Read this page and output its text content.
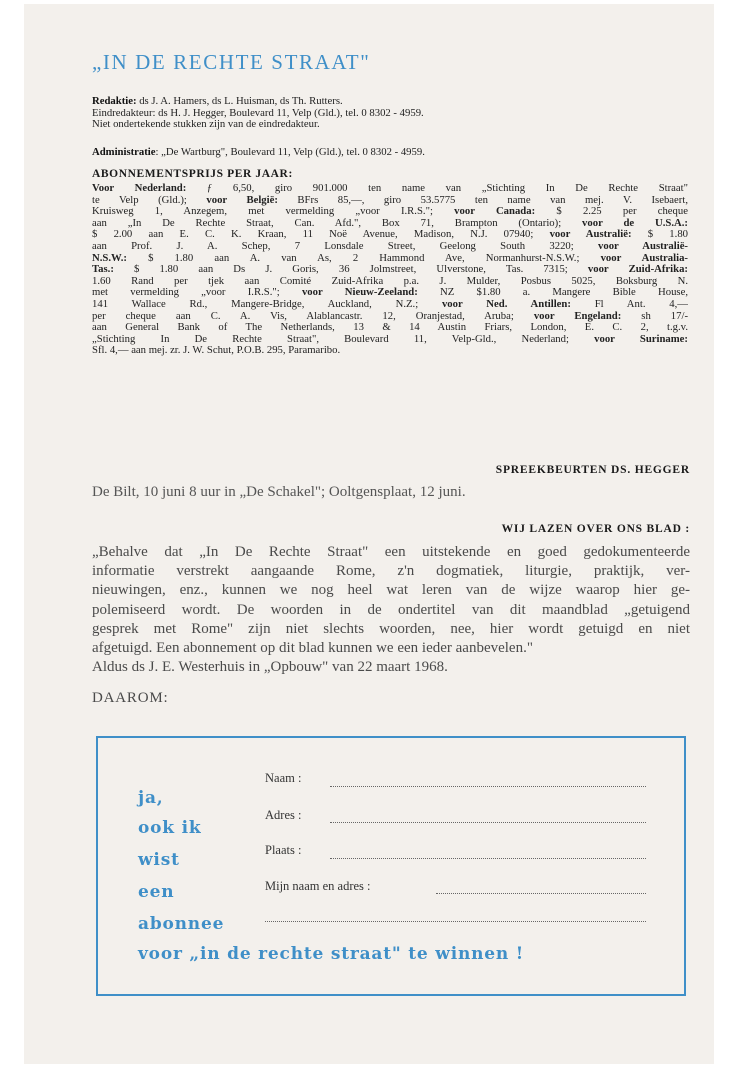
„IN DE RECHTE STRAAT"
Redaktie: ds J. A. Hamers, ds L. Huisman, ds Th. Rutters.
Eindredakteur: ds H. J. Hegger, Boulevard 11, Velp (Gld.), tel. 0 8302 - 4959.
Niet ondertekende stukken zijn van de eindredakteur.
Administratie: „De Wartburg", Boulevard 11, Velp (Gld.), tel. 0 8302 - 4959.
ABONNEMENTSPRIJS PER JAAR:
Voor Nederland: ƒ 6,50, giro 901.000 ten name van „Stichting In De Rechte Straat"
te Velp (Gld.); voor België: BFrs 85,—, giro 53.5775 ten name van mej. V. Isebaert,
Kruisweg 1, Anzegem, met vermelding „voor I.R.S."; voor Canada: $ 2.25 per cheque
aan „In De Rechte Straat, Can. Afd.", Box 71, Brampton (Ontario); voor de U.S.A.:
$ 2.00 aan E. C. K. Kraan, 11 Noë Avenue, Madison, N.J. 07940; voor Australië: $ 1.80
aan Prof. J. A. Schep, 7 Lonsdale Street, Geelong South 3220; voor Australië-
N.S.W.: $ 1.80 aan A. van As, 2 Hammond Ave, Normanhurst-N.S.W.; voor Australia-
Tas.: $ 1.80 aan Ds J. Goris, 36 Jolmstreet, Ulverstone, Tas. 7315; voor Zuid-Afrika:
1.60 Rand per tjek aan Comité Zuid-Afrika p.a. J. Mulder, Posbus 5025, Boksburg N.
met vermelding „voor I.R.S."; voor Nieuw-Zeeland: NZ $1.80 a. Mangere Bible House,
141 Wallace Rd., Mangere-Bridge, Auckland, N.Z.; voor Ned. Antillen: Fl Ant. 4,—
per cheque aan C. A. Vis, Alablancastr. 12, Oranjestad, Aruba; voor Engeland: sh 17/-
aan General Bank of The Netherlands, 13 & 14 Austin Friars, London, E. C. 2, t.g.v.
„Stichting In De Rechte Straat", Boulevard 11, Velp-Gld., Nederland; voor Suriname:
Sfl. 4,— aan mej. zr. J. W. Schut, P.O.B. 295, Paramaribo.
SPREEKBEURTEN DS. HEGGER
De Bilt, 10 juni 8 uur in „De Schakel"; Ooltgensplaat, 12 juni.
WIJ LAZEN OVER ONS BLAD :
„Behalve dat „In De Rechte Straat" een uitstekende en goed gedokumenteerde
informatie verstrekt aangaande Rome, z'n dogmatiek, liturgie, praktijk, ver-
nieuwingen, enz., kunnen we nog heel wat leren van de wijze waarop hier ge-
polemiseerd wordt. De woorden in de ondertitel van dit maandblad „getuigend
gesprek met Rome" zijn niet slechts woorden, nee, hier wordt getuigd en niet
afgetuigd. Een abonnement op dit blad kunnen we een ieder aanbevelen."
Aldus ds J. E. Westerhuis in „Opbouw" van 22 maart 1968.
DAAROM:
ja,
ook ik
wist
een
abonnee
voor „in de rechte straat" te winnen !
Naam :
Adres :
Plaats :
Mijn naam en adres :
